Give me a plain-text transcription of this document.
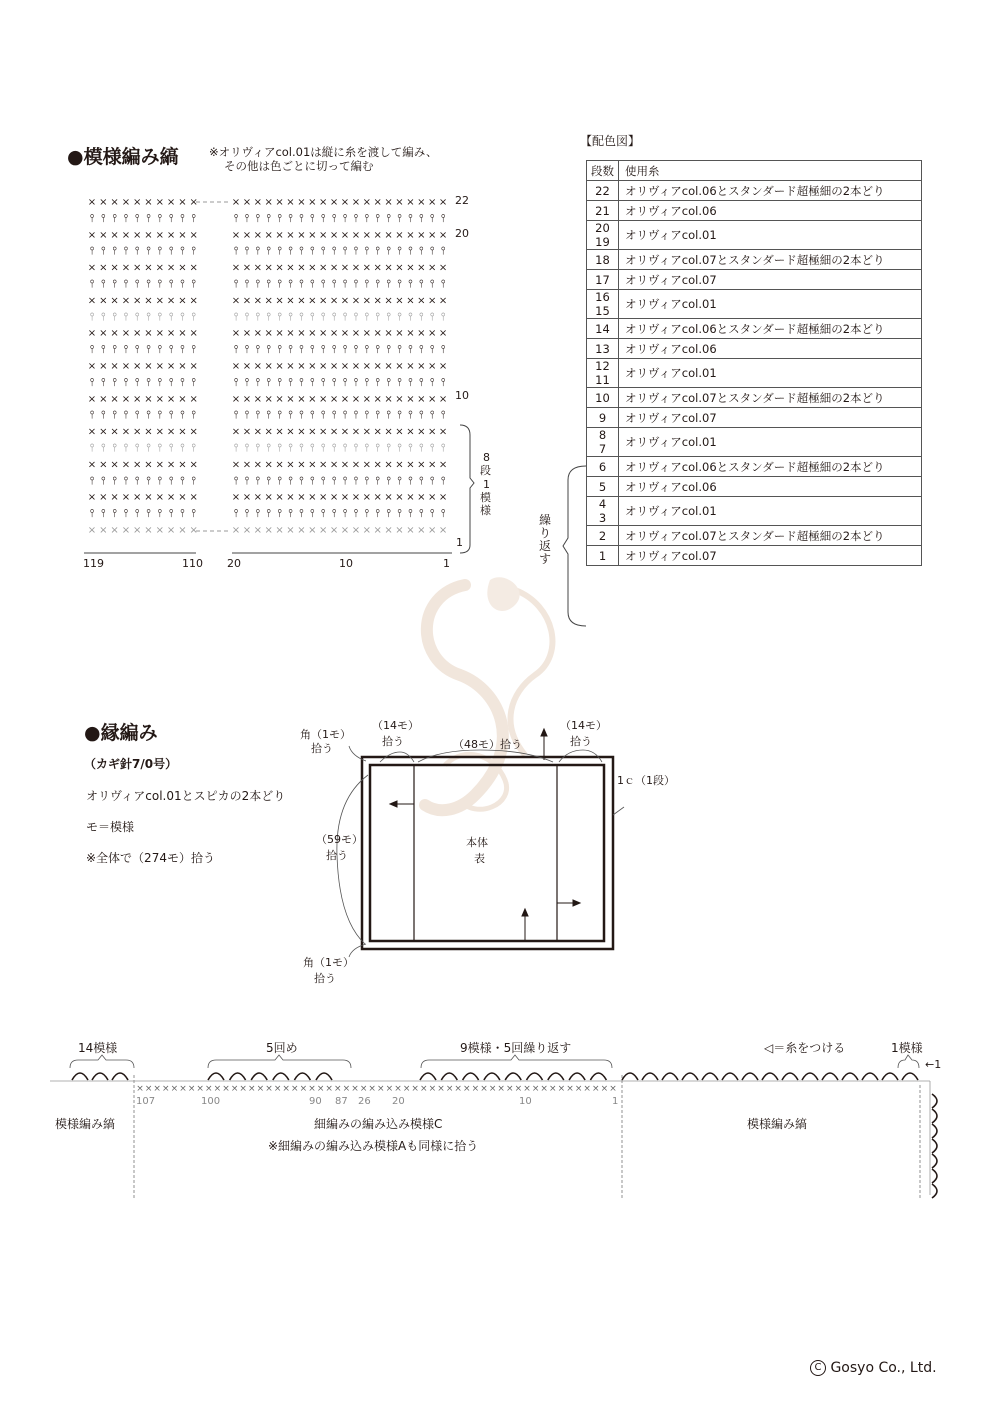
●模様編み縞	※オリヴィアcol.01は縦に糸を渡して編み、
その他は色ごとに切って編む
× × × × × × × × × ×	× × × × × × × × × × × × × × × × × × × ×
⫯ ⫯ ⫯ ⫯ ⫯ ⫯ ⫯ ⫯ ⫯ ⫯	⫯ ⫯ ⫯ ⫯ ⫯ ⫯ ⫯ ⫯ ⫯ ⫯ ⫯ ⫯ ⫯ ⫯ ⫯ ⫯ ⫯ ⫯ ⫯ ⫯
× × × × × × × × × ×	× × × × × × × × × × × × × × × × × × × ×
⫯ ⫯ ⫯ ⫯ ⫯ ⫯ ⫯ ⫯ ⫯ ⫯	⫯ ⫯ ⫯ ⫯ ⫯ ⫯ ⫯ ⫯ ⫯ ⫯ ⫯ ⫯ ⫯ ⫯ ⫯ ⫯ ⫯ ⫯ ⫯ ⫯
× × × × × × × × × ×	× × × × × × × × × × × × × × × × × × × ×
⫯ ⫯ ⫯ ⫯ ⫯ ⫯ ⫯ ⫯ ⫯ ⫯	⫯ ⫯ ⫯ ⫯ ⫯ ⫯ ⫯ ⫯ ⫯ ⫯ ⫯ ⫯ ⫯ ⫯ ⫯ ⫯ ⫯ ⫯ ⫯ ⫯
× × × × × × × × × ×	× × × × × × × × × × × × × × × × × × × ×
⫯ ⫯ ⫯ ⫯ ⫯ ⫯ ⫯ ⫯ ⫯ ⫯	⫯ ⫯ ⫯ ⫯ ⫯ ⫯ ⫯ ⫯ ⫯ ⫯ ⫯ ⫯ ⫯ ⫯ ⫯ ⫯ ⫯ ⫯ ⫯ ⫯
× × × × × × × × × ×	× × × × × × × × × × × × × × × × × × × ×
⫯ ⫯ ⫯ ⫯ ⫯ ⫯ ⫯ ⫯ ⫯ ⫯	⫯ ⫯ ⫯ ⫯ ⫯ ⫯ ⫯ ⫯ ⫯ ⫯ ⫯ ⫯ ⫯ ⫯ ⫯ ⫯ ⫯ ⫯ ⫯ ⫯
× × × × × × × × × ×	× × × × × × × × × × × × × × × × × × × ×
⫯ ⫯ ⫯ ⫯ ⫯ ⫯ ⫯ ⫯ ⫯ ⫯	⫯ ⫯ ⫯ ⫯ ⫯ ⫯ ⫯ ⫯ ⫯ ⫯ ⫯ ⫯ ⫯ ⫯ ⫯ ⫯ ⫯ ⫯ ⫯ ⫯
× × × × × × × × × ×	× × × × × × × × × × × × × × × × × × × ×
⫯ ⫯ ⫯ ⫯ ⫯ ⫯ ⫯ ⫯ ⫯ ⫯	⫯ ⫯ ⫯ ⫯ ⫯ ⫯ ⫯ ⫯ ⫯ ⫯ ⫯ ⫯ ⫯ ⫯ ⫯ ⫯ ⫯ ⫯ ⫯ ⫯
× × × × × × × × × ×	× × × × × × × × × × × × × × × × × × × ×
⫯ ⫯ ⫯ ⫯ ⫯ ⫯ ⫯ ⫯ ⫯ ⫯	⫯ ⫯ ⫯ ⫯ ⫯ ⫯ ⫯ ⫯ ⫯ ⫯ ⫯ ⫯ ⫯ ⫯ ⫯ ⫯ ⫯ ⫯ ⫯ ⫯
× × × × × × × × × ×	× × × × × × × × × × × × × × × × × × × ×
⫯ ⫯ ⫯ ⫯ ⫯ ⫯ ⫯ ⫯ ⫯ ⫯	⫯ ⫯ ⫯ ⫯ ⫯ ⫯ ⫯ ⫯ ⫯ ⫯ ⫯ ⫯ ⫯ ⫯ ⫯ ⫯ ⫯ ⫯ ⫯ ⫯
× × × × × × × × × ×	× × × × × × × × × × × × × × × × × × × ×
⫯ ⫯ ⫯ ⫯ ⫯ ⫯ ⫯ ⫯ ⫯ ⫯	⫯ ⫯ ⫯ ⫯ ⫯ ⫯ ⫯ ⫯ ⫯ ⫯ ⫯ ⫯ ⫯ ⫯ ⫯ ⫯ ⫯ ⫯ ⫯ ⫯
× × × × × × × × × ×	× × × × × × × × × × × × × × × × × × × ×
22
20
10
1
119	110 20	10	1
8
段
1
模
様
【配色図】
段数	使用糸
22	オリヴィアcol.06とスタンダード超極細の2本どり
21	オリヴィアcol.06

20
19	オリヴィアcol.01
18	オリヴィアcol.07とスタンダード超極細の2本どり
17	オリヴィアcol.07

16
15	オリヴィアcol.01
14	オリヴィアcol.06とスタンダード超極細の2本どり
13	オリヴィアcol.06

12
11	オリヴィアcol.01
10	オリヴィアcol.07とスタンダード超極細の2本どり
9	オリヴィアcol.07

8
7	オリヴィアcol.01
6	オリヴィアcol.06とスタンダード超極細の2本どり
5	オリヴィアcol.06

4
3	オリヴィアcol.01
2	オリヴィアcol.07とスタンダード超極細の2本どり
1	オリヴィアcol.07
繰り返す
●縁編み
（カギ針7/0号）
オリヴィアcol.01とスピカの2本どり
モ＝模様
※全体で（274モ）拾う
角（1モ）
拾う
（14モ）
拾う	（48モ）拾う
（14モ）
拾う
（59モ）
拾う
角（1モ）
拾う
1ｃ（1段）
本体
表
× × × × × × × × × × × × × × × × × × × × × × × × × × × × × × × × × × × × × × × × × × × × × × × × × × × × × × × ×
14模様	5回め	9模様・5回繰り返す	◁＝糸をつける	1模様
←1
107	100	90 87 26 20	10	1
模様編み縞	細編みの編み込み模様C
※細編みの編み込み模様Aも同様に拾う
模様編み縞
C Gosyo Co., Ltd.
